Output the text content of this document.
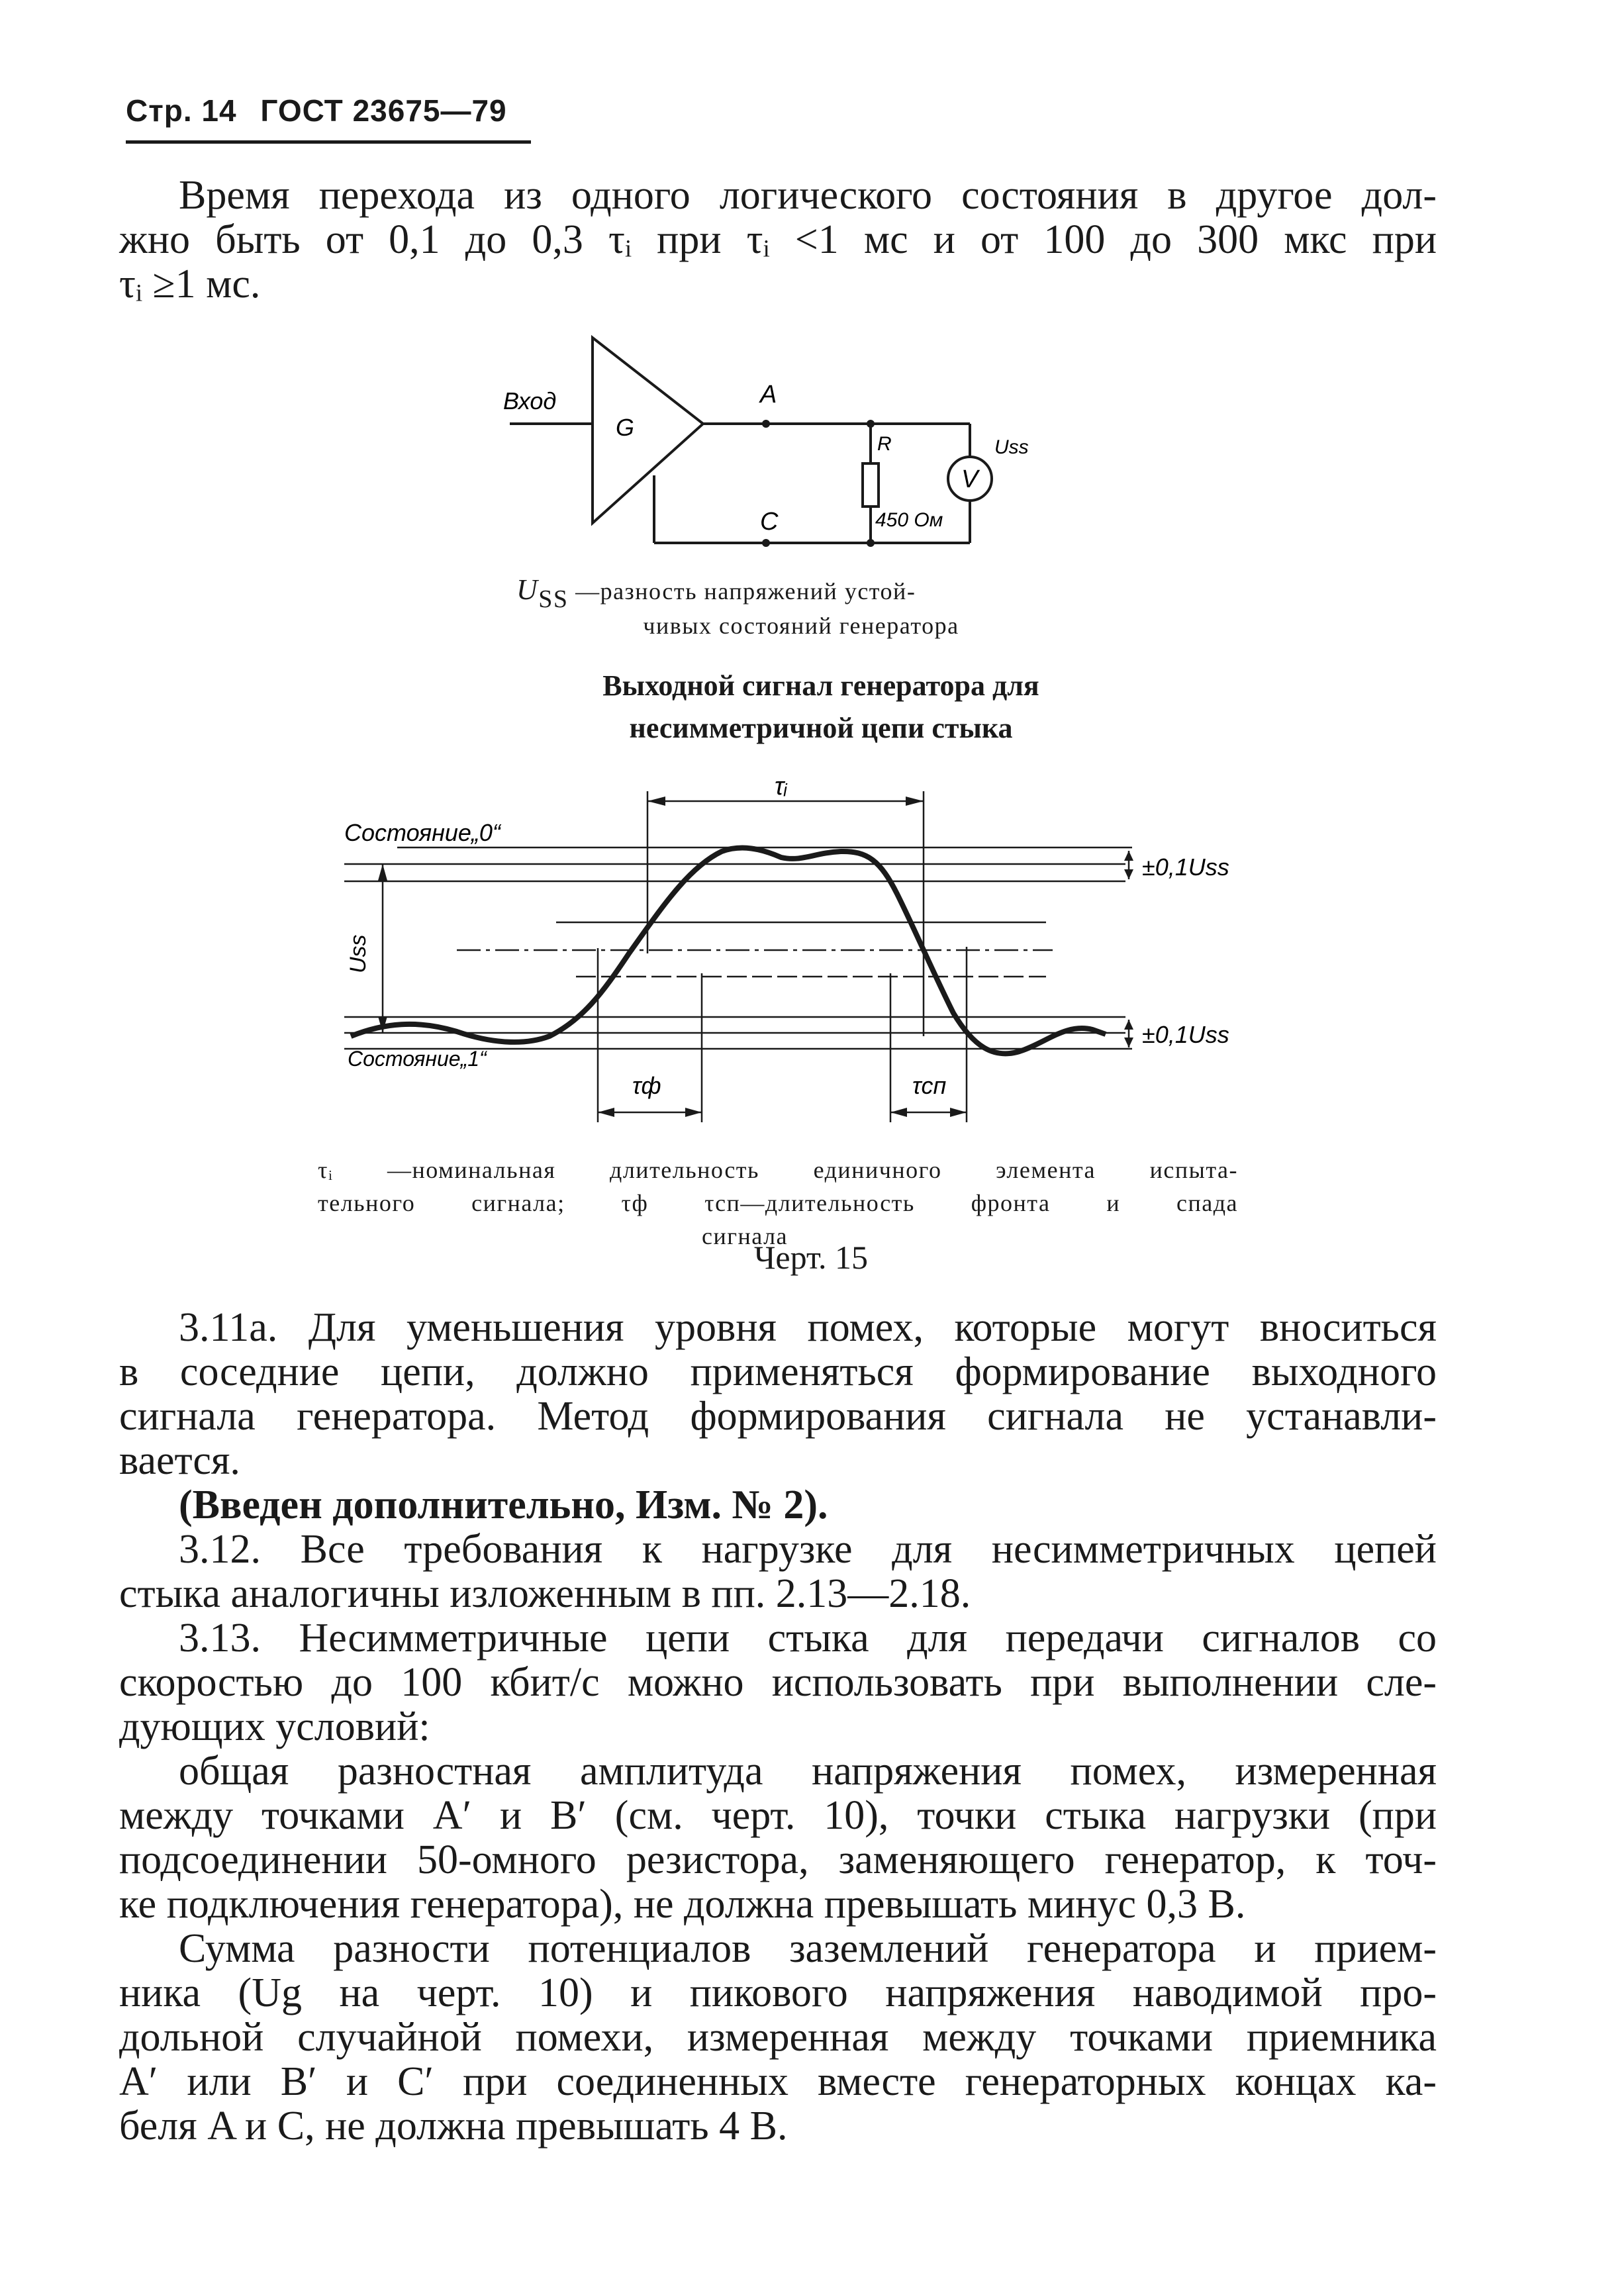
Стр. 14 ГОСТ 23675—79
Время перехода из одного логического состояния в другое дол-
жно быть от 0,1 до 0,3 τᵢ при τᵢ <1 мс и от 100 до 300 мкс при
τᵢ ≥1 мс.
Вход
G
A
C
R
450 Ом
V
Uss
USS —разность напряжений устой-
чивых состояний генератора
Выходной сигнал генератора для
несимметричной цепи стыка
Состояние„0“
Состояние„1“
τᵢ
τф	τсп
Uss
±0,1Uss
±0,1Uss
τᵢ —номинальная длительность единичного элемента испыта-
тельного сигнала; τф τсп—длительность фронта и спада
сигнала
Черт. 15
3.11а. Для уменьшения уровня помех, которые могут вноситься
в соседние цепи, должно применяться формирование выходного
сигнала генератора. Метод формирования сигнала не устанавли-
вается.
(Введен дополнительно, Изм. № 2).
3.12. Все требования к нагрузке для несимметричных цепей
стыка аналогичны изложенным в пп. 2.13—2.18.
3.13. Несимметричные цепи стыка для передачи сигналов со
скоростью до 100 кбит/с можно использовать при выполнении сле-
дующих условий:
общая разностная амплитуда напряжения помех, измеренная
между точками A′ и B′ (см. черт. 10), точки стыка нагрузки (при
подсоединении 50-омного резистора, заменяющего генератор, к точ-
ке подключения генератора), не должна превышать минус 0,3 В.
Сумма разности потенциалов заземлений генератора и прием-
ника (Ug на черт. 10) и пикового напряжения наводимой про-
дольной случайной помехи, измеренная между точками приемника
A′ или B′ и C′ при соединенных вместе генераторных концах ка-
беля A и C, не должна превышать 4 В.
